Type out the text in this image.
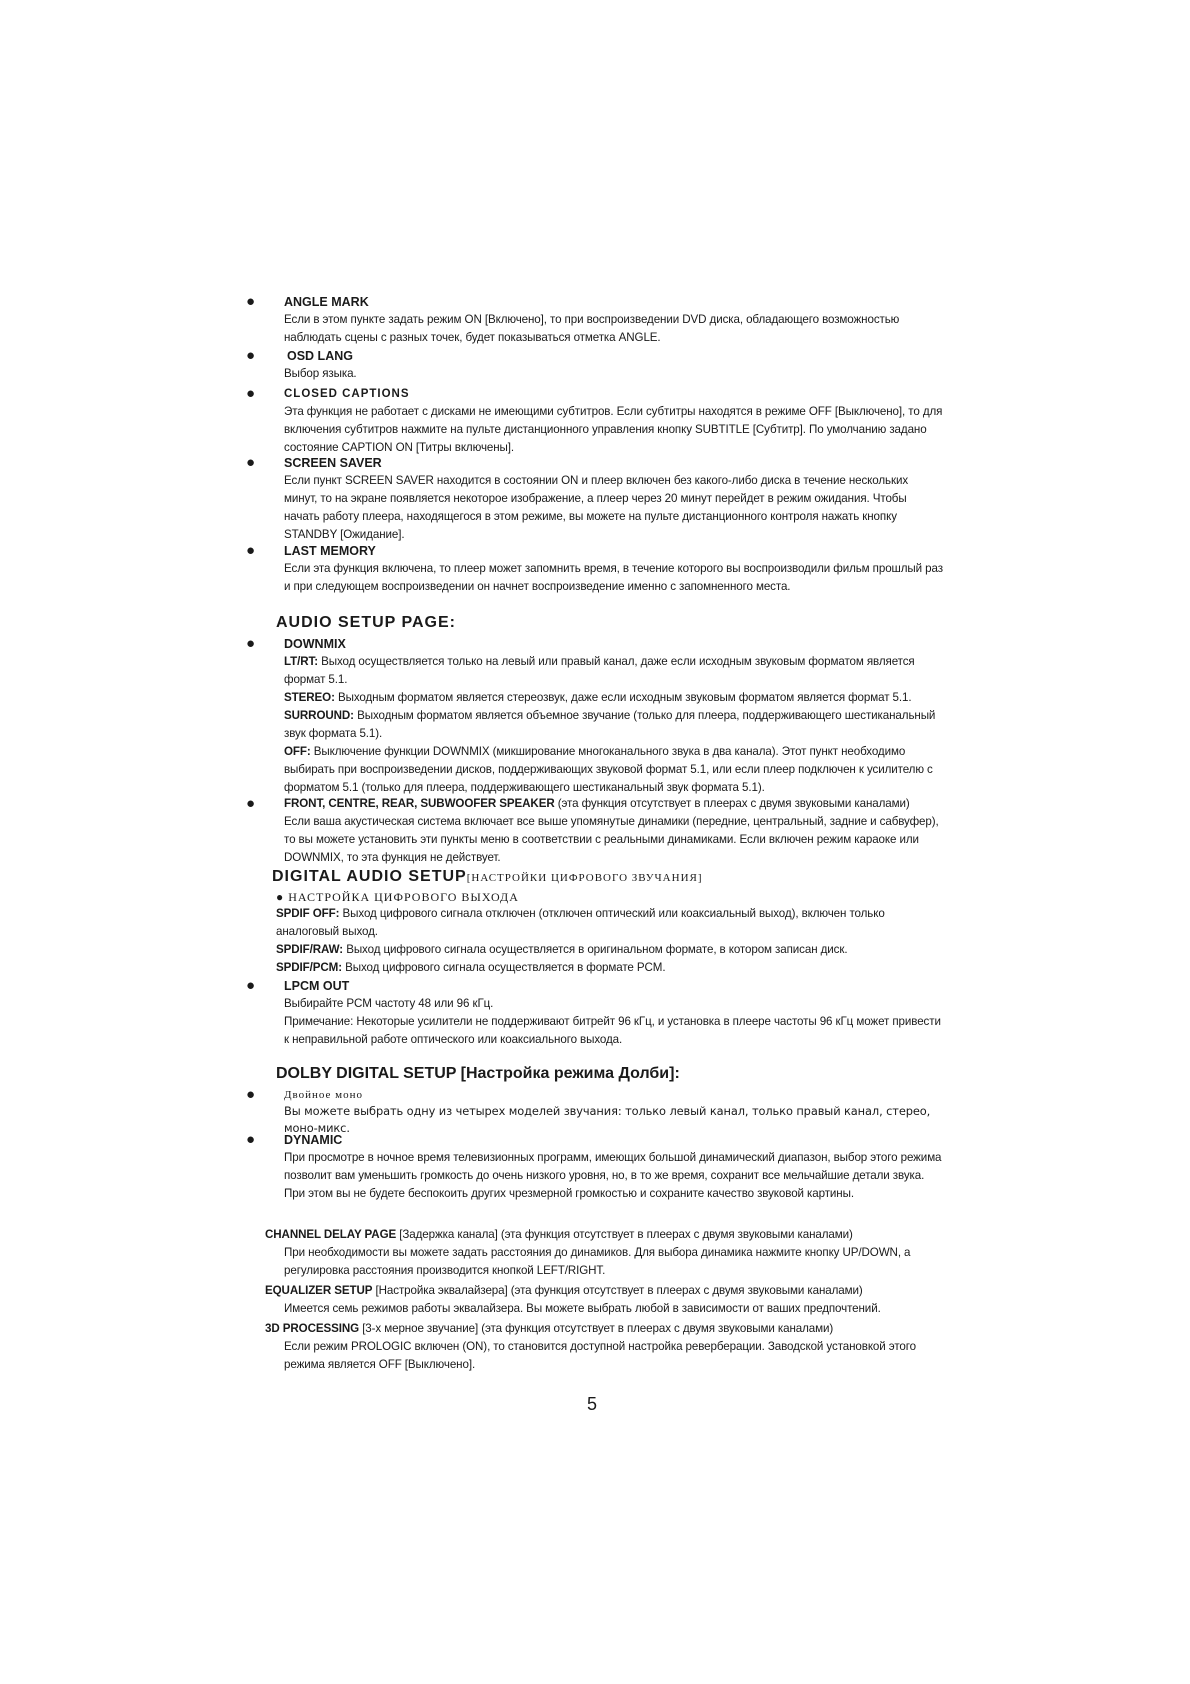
● ANGLE MARK

Если в этом пункте задать режим ON [Включено], то при воспроизведении DVD диска, обладающего возможностью наблюдать сцены с разных точек, будет показываться отметка ANGLE.

●	OSD LANG

Выбор языка.

●	CLOSED CAPTIONS

Эта функция не работает с дисками не имеющими субтитров. Если субтитры находятся в режиме OFF [Выключено], то для включения субтитров нажмите на пульте дистанционного управления кнопку SUBTITLE [Субтитр]. По умолчанию задано состояние CAPTION ON [Титры включены].

● SCREEN SAVER

Если пункт SCREEN SAVER находится в состоянии ON и плеер включен без какого-либо диска в течение нескольких минут, то на экране появляется некоторое изображение, а плеер через 20 минут перейдет в режим ожидания. Чтобы начать работу плеера, находящегося в этом режиме, вы можете на пульте дистанционного контроля нажать кнопку STANDBY [Ожидание].

● LAST MEMORY

Если эта функция включена, то плеер может запомнить время, в течение которого вы воспроизводили фильм прошлый раз и при следующем воспроизведении он начнет воспроизведение именно с запомненного места.

AUDIO SETUP PAGE:

● DOWNMIX

LT/RT: Выход осуществляется только на левый или правый канал, даже если исходным звуковым форматом является формат 5.1.

STEREO: Выходным форматом является стереозвук, даже если исходным звуковым форматом является формат 5.1.

SURROUND: Выходным форматом является объемное звучание (только для плеера, поддерживающего шестиканальный звук формата 5.1).

OFF: Выключение функции DOWNMIX (микширование многоканального звука в два канала). Этот пункт необходимо выбирать при воспроизведении дисков, поддерживающих звуковой формат 5.1, или если плеер подключен к усилителю с форматом 5.1 (только для плеера, поддерживающего шестиканальный звук формата 5.1).

● FRONT, CENTRE, REAR, SUBWOOFER SPEAKER (эта функция отсутствует в плеерах с двумя звуковыми каналами)

Если ваша акустическая система включает все выше упомянутые динамики (передние, центральный, задние и сабвуфер), то вы можете установить эти пункты меню в соответствии с реальными динамиками. Если включен режим караоке или DOWNMIX, то эта функция не действует.

DIGITAL AUDIO SETUP[НАСТРОЙКИ ЦИФРОВОГО ЗВУЧАНИЯ]

● НАСТРОЙКА ЦИФРОВОГО ВЫХОДА

SPDIF OFF: Выход цифрового сигнала отключен (отключен оптический или коаксиальный выход), включен только аналоговый выход.

SPDIF/RAW: Выход цифрового сигнала осуществляется в оригинальном формате, в котором записан диск.

SPDIF/PCM: Выход цифрового сигнала осуществляется в формате PCM.

● LPCM OUT

Выбирайте PCM частоту 48 или 96 кГц.

Примечание: Некоторые усилители не поддерживают битрейт 96 кГц, и установка в плеере частоты 96 кГц может привести к неправильной работе оптического или коаксиального выхода.

DOLBY DIGITAL SETUP [Настройка режима Долби]:

●	Двойное моно

Вы можете выбрать одну из четырех моделей звучания: только левый канал, только правый канал, стерео, моно-микс.

● DYNAMIC

При просмотре в ночное время телевизионных программ, имеющих большой динамический диапазон, выбор этого режима позволит вам уменьшить громкость до очень низкого уровня, но, в то же время, сохранит все мельчайшие детали звука. При этом вы не будете беспокоить других чрезмерной громкостью и сохраните качество звуковой картины.

CHANNEL DELAY PAGE [Задержка канала] (эта функция отсутствует в плеерах с двумя звуковыми каналами)

При необходимости вы можете задать расстояния до динамиков. Для выбора динамика нажмите кнопку UP/DOWN, а регулировка расстояния производится кнопкой LEFT/RIGHT.

EQUALIZER SETUP [Настройка эквалайзера] (эта функция отсутствует в плеерах с двумя звуковыми каналами)

Имеется семь режимов работы эквалайзера. Вы можете выбрать любой в зависимости от ваших предпочтений.

3D PROCESSING [3-х мерное звучание] (эта функция отсутствует в плеерах с двумя звуковыми каналами)

Если режим PROLOGIC включен (ON), то становится доступной настройка реверберации. Заводской установкой этого режима является OFF [Выключено].

5
